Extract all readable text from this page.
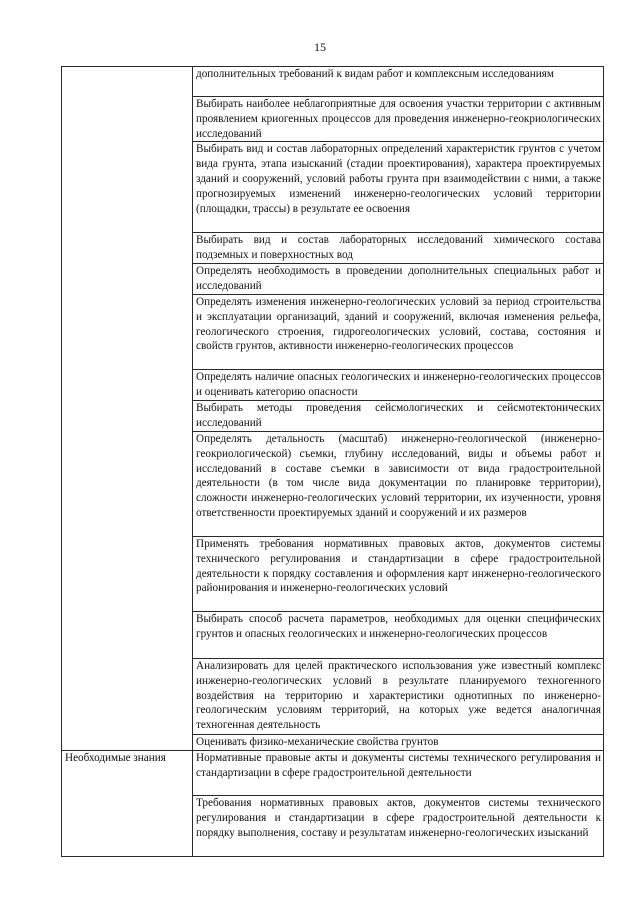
15
	дополнительных требований к видам работ и комплексным исследованиям
	Выбирать наиболее неблагоприятные для освоения участки территории с активным проявлением криогенных процессов для проведения инженерно-геокриологических исследований
	Выбирать вид и состав лабораторных определений характеристик грунтов с учетом вида грунта, этапа изысканий (стадии проектирования), характера проектируемых зданий и сооружений, условий работы грунта при взаимодействии с ними, а также прогнозируемых изменений инженерно-геологических условий территории (площадки, трассы) в результате ее освоения
	Выбирать вид и состав лабораторных исследований химического состава подземных и поверхностных вод
	Определять необходимость в проведении дополнительных специальных работ и исследований
	Определять изменения инженерно-геологических условий за период строительства и эксплуатации организаций, зданий и сооружений, включая изменения рельефа, геологического строения, гидрогеологических условий, состава, состояния и свойств грунтов, активности инженерно-геологических процессов
	Определять наличие опасных геологических и инженерно-геологических процессов и оценивать категорию опасности
	Выбирать методы проведения сейсмологических и сейсмотектонических исследований
	Определять детальность (масштаб) инженерно-геологической (инженерно-геокриологической) съемки, глубину исследований, виды и объемы работ и исследований в составе съемки в зависимости от вида градостроительной деятельности (в том числе вида документации по планировке территории), сложности инженерно-геологических условий территории, их изученности, уровня ответственности проектируемых зданий и сооружений и их размеров
	Применять требования нормативных правовых актов, документов системы технического регулирования и стандартизации в сфере градостроительной деятельности к порядку составления и оформления карт инженерно-геологического районирования и инженерно-геологических условий
	Выбирать способ расчета параметров, необходимых для оценки специфических грунтов и опасных геологических и инженерно-геологических процессов
	Анализировать для целей практического использования уже известный комплекс инженерно-геологических условий в результате планируемого техногенного воздействия на территорию и характеристики однотипных по инженерно-геологическим условиям территорий, на которых уже ведется аналогичная техногенная деятельность
	Оценивать физико-механические свойства грунтов
Необходимые знания	Нормативные правовые акты и документы системы технического регулирования и стандартизации в сфере градостроительной деятельности
	Требования нормативных правовых актов, документов системы технического регулирования и стандартизации в сфере градостроительной деятельности к порядку выполнения, составу и результатам инженерно-геологических изысканий
